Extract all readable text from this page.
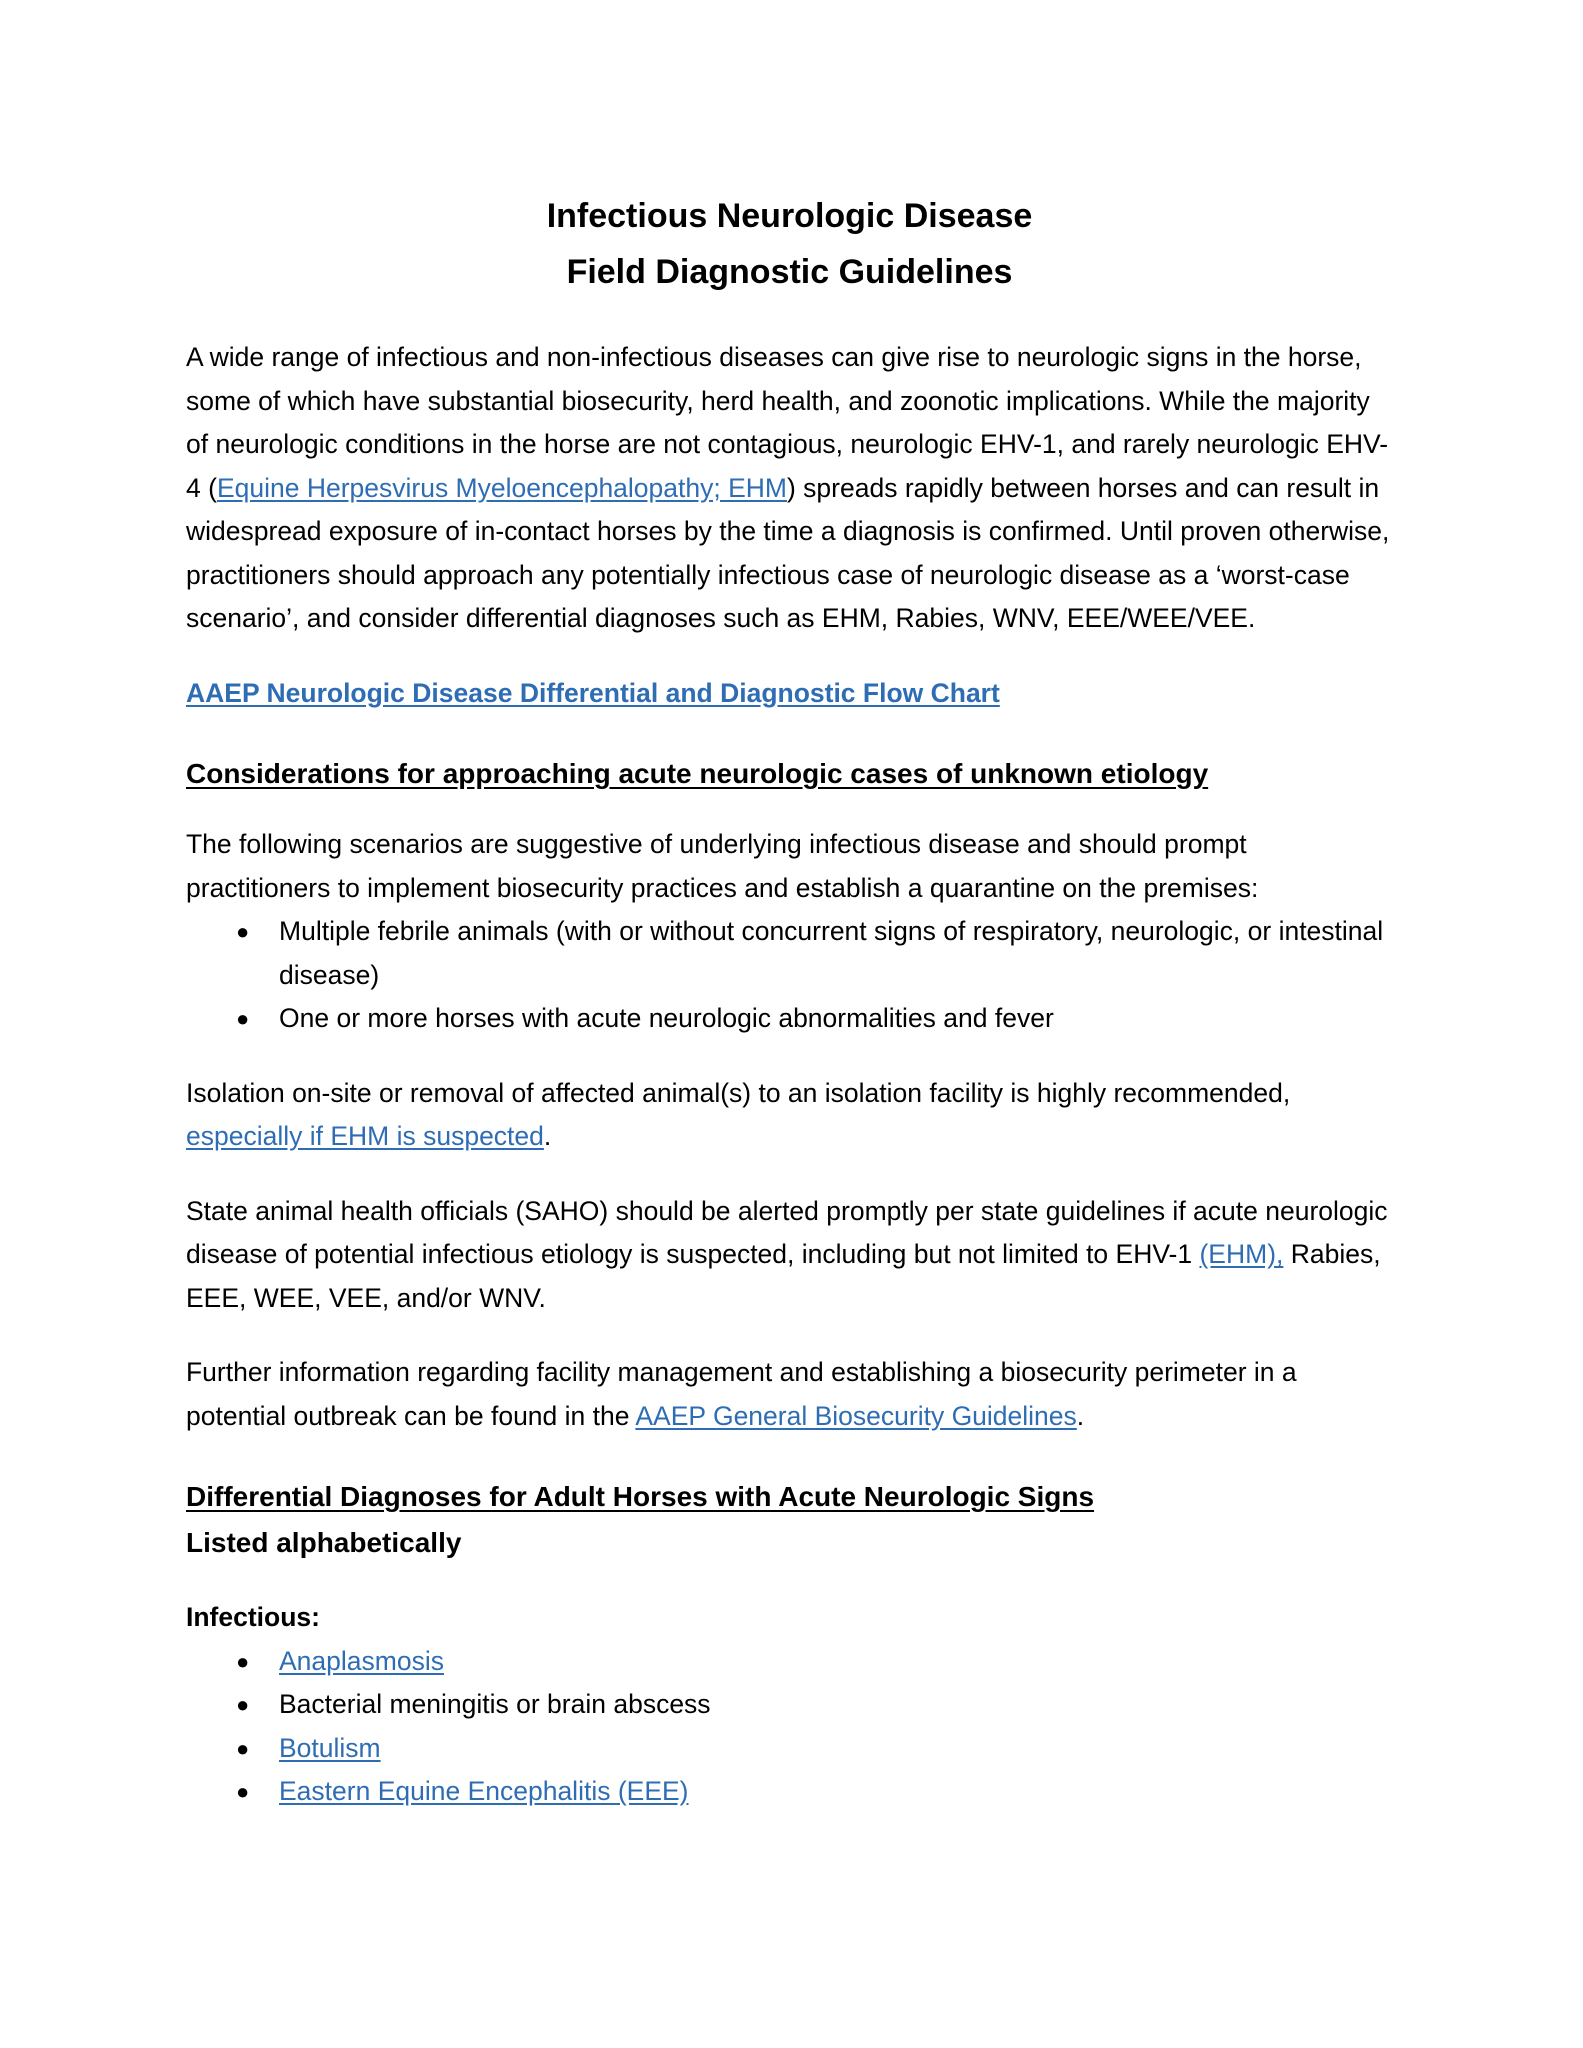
Infectious Neurologic Disease
Field Diagnostic Guidelines

A wide range of infectious and non-infectious diseases can give rise to neurologic signs in the horse, some of which have substantial biosecurity, herd health, and zoonotic implications. While the majority of neurologic conditions in the horse are not contagious, neurologic EHV-1, and rarely neurologic EHV-4 (Equine Herpesvirus Myeloencephalopathy; EHM) spreads rapidly between horses and can result in widespread exposure of in-contact horses by the time a diagnosis is confirmed. Until proven otherwise, practitioners should approach any potentially infectious case of neurologic disease as a ‘worst-case scenario’, and consider differential diagnoses such as EHM, Rabies, WNV, EEE/WEE/VEE.

AAEP Neurologic Disease Differential and Diagnostic Flow Chart

Considerations for approaching acute neurologic cases of unknown etiology

The following scenarios are suggestive of underlying infectious disease and should prompt practitioners to implement biosecurity practices and establish a quarantine on the premises:

● Multiple febrile animals (with or without concurrent signs of respiratory, neurologic, or intestinal disease)
● One or more horses with acute neurologic abnormalities and fever

Isolation on-site or removal of affected animal(s) to an isolation facility is highly recommended, especially if EHM is suspected.

State animal health officials (SAHO) should be alerted promptly per state guidelines if acute neurologic disease of potential infectious etiology is suspected, including but not limited to EHV-1 (EHM), Rabies, EEE, WEE, VEE, and/or WNV.

Further information regarding facility management and establishing a biosecurity perimeter in a potential outbreak can be found in the AAEP General Biosecurity Guidelines.

Differential Diagnoses for Adult Horses with Acute Neurologic Signs
Listed alphabetically
Infectious:
● Anaplasmosis
● Bacterial meningitis or brain abscess
● Botulism
● Eastern Equine Encephalitis (EEE)
